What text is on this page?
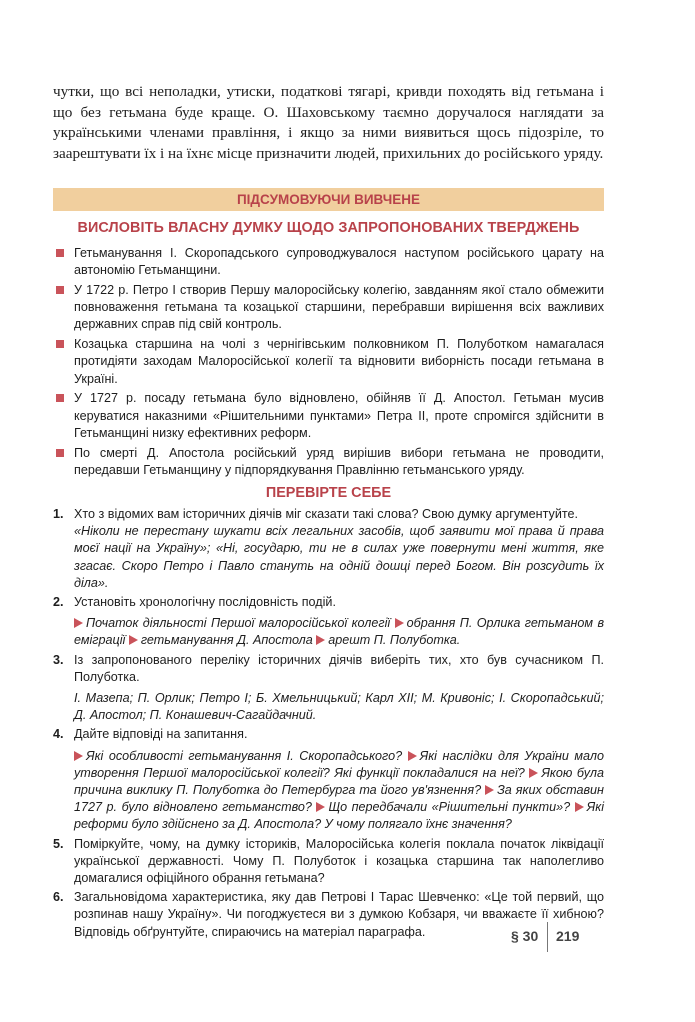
чутки, що всі неполадки, утиски, податкові тягарі, кривди походять від гетьмана і що без гетьмана буде краще. О. Шаховському таємно доручалося наглядати за українськими членами правління, і якщо за ними виявиться щось підозріле, то заарештувати їх і на їхнє місце призначити людей, прихильних до російського уряду.

ПІДСУМОВУЮЧИ ВИВЧЕНЕ
ВИСЛОВІТЬ ВЛАСНУ ДУМКУ ЩОДО ЗАПРОПОНОВАНИХ ТВЕРДЖЕНЬ
Гетьманування І. Скоропадського супроводжувалося наступом російського царату на автономію Гетьманщини.
У 1722 р. Петро І створив Першу малоросійську колегію, завданням якої стало обмежити повноваження гетьмана та козацької старшини, перебравши вирішення всіх важливих державних справ під свій контроль.
Козацька старшина на чолі з чернігівським полковником П. Полуботком намагалася протидіяти заходам Малоросійської колегії та відновити виборність посади гетьмана в Україні.
У 1727 р. посаду гетьмана було відновлено, обійняв її Д. Апостол. Гетьман мусив керуватися наказними «Рішительними пунктами» Петра ІІ, проте спромігся здійснити в Гетьманщині низку ефективних реформ.
По смерті Д. Апостола російський уряд вирішив вибори гетьмана не проводити, передавши Гетьманщину у підпорядкування Правлінню гетьманського уряду.
ПЕРЕВІРТЕ СЕБЕ
1. Хто з відомих вам історичних діячів міг сказати такі слова? Свою думку аргументуйте.
«Ніколи не перестану шукати всіх легальних засобів, щоб заявити мої права й права моєї нації на Україну»; «Ні, государю, ти не в силах уже повернути мені життя, яке згасає. Скоро Петро і Павло стануть на одній дошці перед Богом. Він розсудить їх діла».
2. Установіть хронологічну послідовність подій.
Початок діяльності Першої малоросійської колегії обрання П. Орлика гетьманом в еміграції гетьманування Д. Апостола арешт П. Полуботка.
3. Із запропонованого переліку історичних діячів виберіть тих, хто був сучасником П. Полуботка.
І. Мазепа; П. Орлик; Петро І; Б. Хмельницький; Карл ХІІ; М. Кривоніс; І. Скоропадський; Д. Апостол; П. Конашевич-Сагайдачний.
4. Дайте відповіді на запитання.
Які особливості гетьманування І. Скоропадського? Які наслідки для України мало утворення Першої малоросійської колегії? Які функції покладалися на неї? Якою була причина виклику П. Полуботка до Петербурга та його ув'язнення? За яких обставин 1727 р. було відновлено гетьманство? Що передбачали «Рішительні пункти»? Які реформи було здійснено за Д. Апостола? У чому полягало їхнє значення?
5. Поміркуйте, чому, на думку істориків, Малоросійська колегія поклала початок ліквідації української державності. Чому П. Полуботок і козацька старшина так наполегливо домагалися офіційного обрання гетьмана?
6. Загальновідома характеристика, яку дав Петрові І Тарас Шевченко: «Це той первий, що розпинав нашу Україну». Чи погоджуєтеся ви з думкою Кобзаря, чи вважаєте її хибною? Відповідь обґрунтуйте, спираючись на матеріал параграфа.	§ 30 219
